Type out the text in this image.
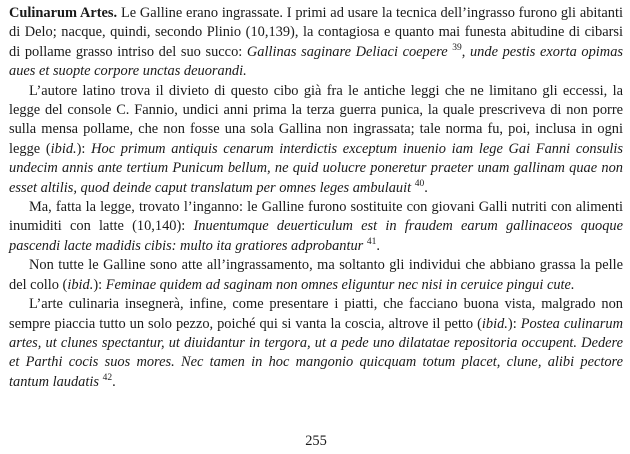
Culinarum Artes. Le Galline erano ingrassate. I primi ad usare la tecnica dell’ingrasso furono gli abitanti di Delo; nacque, quindi, secondo Plinio (10,139), la contagiosa e quanto mai funesta abitudine di cibarsi di pollame grasso intriso del suo succo: Gallinas saginare Deliaci coepere $^{39}$, unde pestis exorta opimas aues et suopte corpore unctas deuorandi.

L’autore latino trova il divieto di questo cibo già fra le antiche leggi che ne limitano gli eccessi, la legge del console C. Fannio, undici anni prima la terza guerra punica, la quale prescriveva di non porre sulla mensa pollame, che non fosse una sola Gallina non ingrassata; tale norma fu, poi, inclusa in ogni legge (ibid.): Hoc primum antiquis cenarum interdictis exceptum inuenio iam lege Gai Fanni consulis undecim annis ante tertium Punicum bellum, ne quid uolucre poneretur praeter unam gallinam quae non esset altilis, quod deinde caput translatum per omnes leges ambulauit $^{40}$.

Ma, fatta la legge, trovato l’inganno: le Galline furono sostituite con giovani Galli nutriti con alimenti inumiditi con latte (10,140): Inuentumque deuerticulum est in fraudem earum gallinaceos quoque pascendi lacte madidis cibis: multo ita gratiores adprobantur $^{41}$.

Non tutte le Galline sono atte all’ingrassamento, ma soltanto gli individui che abbiano grassa la pelle del collo (ibid.): Feminae quidem ad saginam non omnes eliguntur nec nisi in ceruice pingui cute.

L’arte culinaria insegnerà, infine, come presentare i piatti, che facciano buona vista, malgrado non sempre piaccia tutto un solo pezzo, poiché qui si vanta la coscia, altrove il petto (ibid.): Postea culinarum artes, ut clunes spectantur, ut diuidantur in tergora, ut a pede uno dilatatae repositoria occupent. Dedere et Parthi cocis suos mores. Nec tamen in hoc mangonio quicquam totum placet, clune, alibi pectore tantum laudatis $^{42}$.

255
